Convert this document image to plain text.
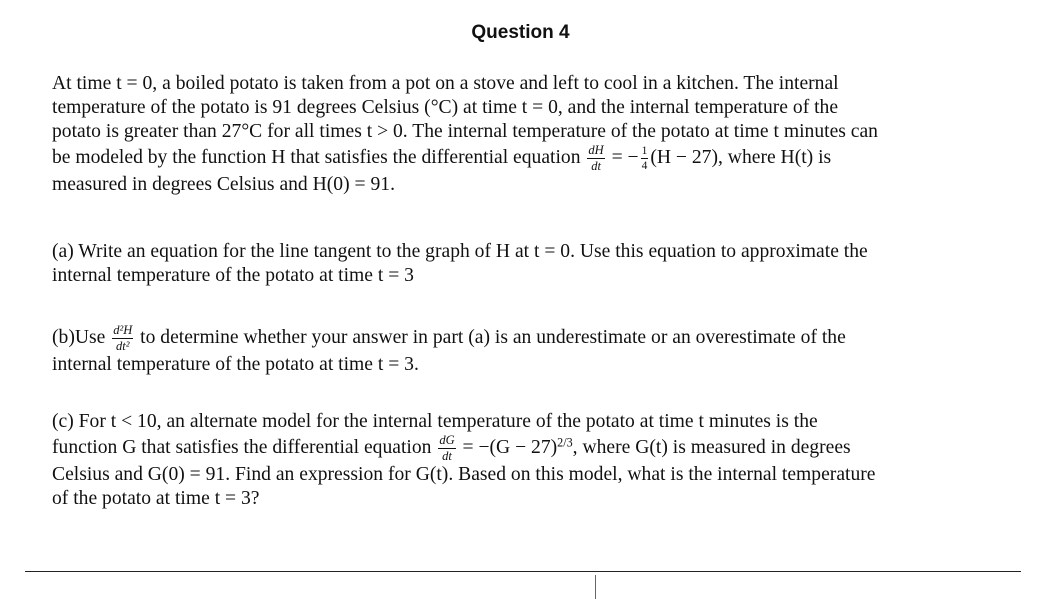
Question 4
At time t = 0, a boiled potato is taken from a pot on a stove and left to cool in a kitchen. The internal
temperature of the potato is 91 degrees Celsius (°C) at time t = 0, and the internal temperature of the
potato is greater than 27°C for all times t > 0. The internal temperature of the potato at time t minutes can
be modeled by the function H that satisfies the differential equation $\frac{dH}{dt}$ = − $\frac{1}{4} (H - 27)$, where H(t) is
measured in degrees Celsius and H(0) = 91.
(a) Write an equation for the line tangent to the graph of H at t = 0. Use this equation to approximate the
internal temperature of the potato at time t = 3
$(b)Use \frac{\text{d²H}}{\text{dt²}}$ to determine whether your answer in part (a) is an underestimate or an overestimate of the
internal temperature of the potato at time t = 3.
(c) For t < 10, an alternate model for the internal temperature of the potato at time t minutes is the
function G that satisfies the differential equation $\frac{dG}{dt} = -(G - 27)^{2/3}$, where G(t) is measured in degrees
Celsius and G(0) = 91. Find an expression for G(t). Based on this model, what is the internal temperature
of the potato at time t = 3?
